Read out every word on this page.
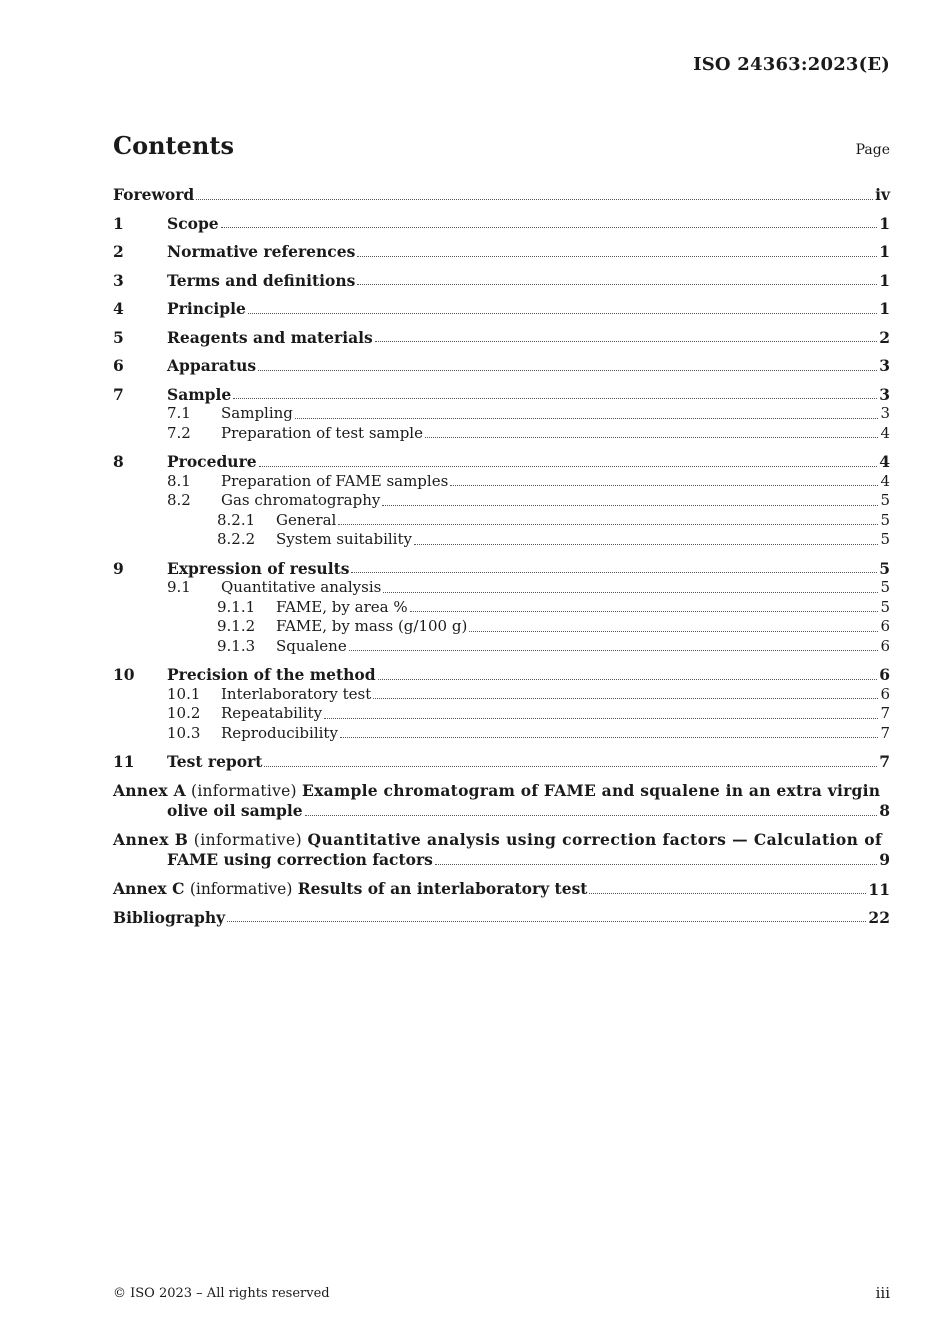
ISO 24363:2023(E)
Contents	Page
Foreword	iv
1	Scope	1
2	Normative references	1
3	Terms and definitions	1
4	Principle	1
5	Reagents and materials	2
6	Apparatus	3
7	Sample	3
7.1	Sampling	3
7.2	Preparation of test sample	4
8	Procedure	4
8.1	Preparation of FAME samples	4
8.2	Gas chromatography	5
8.2.1	General	5
8.2.2	System suitability	5
9	Expression of results	5
9.1	Quantitative analysis	5
9.1.1	FAME, by area %	5
9.1.2	FAME, by mass (g/100 g)	6
9.1.3	Squalene	6
10	Precision of the method	6
10.1	Interlaboratory test	6
10.2	Repeatability	7
10.3	Reproducibility	7
11	Test report	7
Annex A (informative) Example chromatogram of FAME and squalene in an extra virgin
olive oil sample	8
Annex B (informative) Quantitative analysis using correction factors — Calculation of
FAME using correction factors	9
Annex C (informative) Results of an interlaboratory test	11
Bibliography	22
© ISO 2023 – All rights reserved	iii
